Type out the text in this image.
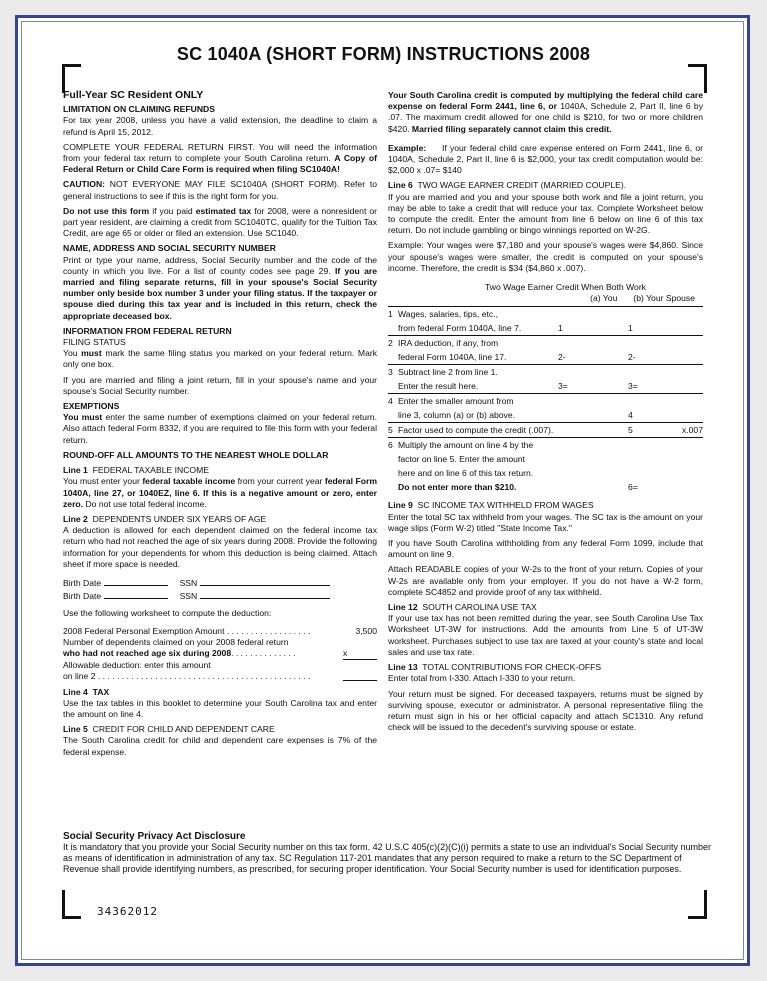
SC 1040A (SHORT FORM) INSTRUCTIONS 2008
Full-Year SC Resident ONLY

LIMITATION ON CLAIMING REFUNDS

For tax year 2008, unless you have a valid extension, the deadline to claim a refund is April 15, 2012.

COMPLETE YOUR FEDERAL RETURN FIRST. You will need the information from your federal tax return to complete your South Carolina return. A Copy of Federal Return or Child Care Form is required when filing SC1040A!

CAUTION: NOT EVERYONE MAY FILE SC1040A (SHORT FORM). Refer to general instructions to see if this is the right form for you.

Do not use this form if you paid estimated tax for 2008, were a nonresident or part year resident, are claiming a credit from SC1040TC, qualify for the Tuition Tax Credit, are age 65 or older or filed an extension. Use SC1040.

NAME, ADDRESS AND SOCIAL SECURITY NUMBER

Print or type your name, address, Social Security number and the code of the county in which you live. For a list of county codes see page 29. If you are married and filing separate returns, fill in your spouse's Social Security number only beside box number 3 under your filing status. If the taxpayer or spouse died during this tax year and is included in this return, check the appropriate deceased box.

INFORMATION FROM FEDERAL RETURN

FILING STATUS

You must mark the same filing status you marked on your federal return. Mark only one box.

If you are married and filing a joint return, fill in your spouse's name and your spouse's Social Security number.

EXEMPTIONS

You must enter the same number of exemptions claimed on your federal return. Also attach federal Form 8332, if you are required to file this form with your federal return.

ROUND-OFF ALL AMOUNTS TO THE NEAREST WHOLE DOLLAR

Line 1 FEDERAL TAXABLE INCOME

You must enter your federal taxable income from your current year federal Form 1040A, line 27, or 1040EZ, line 6. If this is a negative amount or zero, enter zero. Do not use total federal income.

Line 2 DEPENDENTS UNDER SIX YEARS OF AGE

A deduction is allowed for each dependent claimed on the federal income tax return who had not reached the age of six years during 2008. Provide the following information for your dependents for whom this deduction is being claimed. Attach sheet if more space is needed.

Birth Date	SSN

Birth Date	SSN

Use the following worksheet to compute the deduction:

2008 Federal Personal Exemption Amount . . . . . . . . . . . . . . . . . .	3,500
Number of dependents claimed on your 2008 federal return
who had not reached age six during 2008. . . . . . . . . . . . . .	x
Allowable deduction: enter this amount
on line 2 . . . . . . . . . . . . . . . . . . . . . . . . . . . . . . . . . . . . . . . . . . . . .

Line 4 TAX

Use the tax tables in this booklet to determine your South Carolina tax and enter the amount on line 4.

Line 5 CREDIT FOR CHILD AND DEPENDENT CARE

The South Carolina credit for child and dependent care expenses is 7% of the federal expense.

Your South Carolina credit is computed by multiplying the federal child care expense on federal Form 2441, line 6, or 1040A, Schedule 2, Part II, line 6 by .07. The maximum credit allowed for one child is $210, for two or more children $420. Married filing separately cannot claim this credit.

Example: If your federal child care expense entered on Form 2441, line 6, or 1040A, Schedule 2, Part II, line 6 is $2,000, your tax credit computation would be: $2,000 x .07= $140

Line 6 TWO WAGE EARNER CREDIT (MARRIED COUPLE).

If you are married and you and your spouse both work and file a joint return, you may be able to take a credit that will reduce your tax. Complete Worksheet below to compute the credit. Enter the amount from line 6 below on line 6 of this tax return. Do not include gambling or bingo winnings reported on W-2G.

Example: Your wages were $7,180 and your spouse's wages were $4,860. Since your spouse's wages were smaller, the credit is computed on your spouse's income. Therefore, the credit is $34 ($4,860 x .007).

Two Wage Earner Credit When Both Work
(a) You (b) Your Spouse
1	Wages, salaries, tips, etc.,			
	from federal Form 1040A, line 7.	1	1	
2	IRA deduction, if any, from			
	federal Form 1040A, line 17.	2-	2-	
3	Subtract line 2 from line 1.			
	Enter the result here.	3=	3=	
4	Enter the smaller amount from			
	line 3, column (a) or (b) above.		4	
5	Factor used to compute the credit (.007).		5	x.007
6	Multiply the amount on line 4 by the			
	factor on line 5. Enter the amount			
	here and on line 6 of this tax return.			
	Do not enter more than $210.		6=	

Line 9 SC INCOME TAX WITHHELD FROM WAGES

Enter the total SC tax withheld from your wages. The SC tax is the amount on your wage slips (Form W-2) titled "State Income Tax."

If you have South Carolina withholding from any federal Form 1099, include that amount on line 9.

Attach READABLE copies of your W-2s to the front of your return. Copies of your W-2s are available only from your employer. If you do not have a W-2 form, complete SC4852 and provide proof of any tax withheld.

Line 12 SOUTH CAROLINA USE TAX

If your use tax has not been remitted during the year, see South Carolina Use Tax Worksheet UT-3W for instructions. Add the amounts from Line 5 of UT-3W worksheet. Purchases subject to use tax are taxed at your county's state and local sales and use tax rate.

Line 13 TOTAL CONTRIBUTIONS FOR CHECK-OFFS

Enter total from I-330. Attach I-330 to your return.

Your return must be signed. For deceased taxpayers, returns must be signed by surviving spouse, executor or administrator. A personal representative filing the return must sign in his or her official capacity and attach SC1310. Any refund check will be issued to the decedent's surviving spouse or estate.

Social Security Privacy Act Disclosure
It is mandatory that you provide your Social Security number on this tax form. 42 U.S.C 405(c)(2)(C)(i) permits a state to use an individual's Social Security number as means of identification in administration of any tax. SC Regulation 117-201 mandates that any person required to make a return to the SC Department of Revenue shall provide identifying numbers, as prescribed, for securing proper identification. Your Social Security number is used for identification purposes.
34362012
